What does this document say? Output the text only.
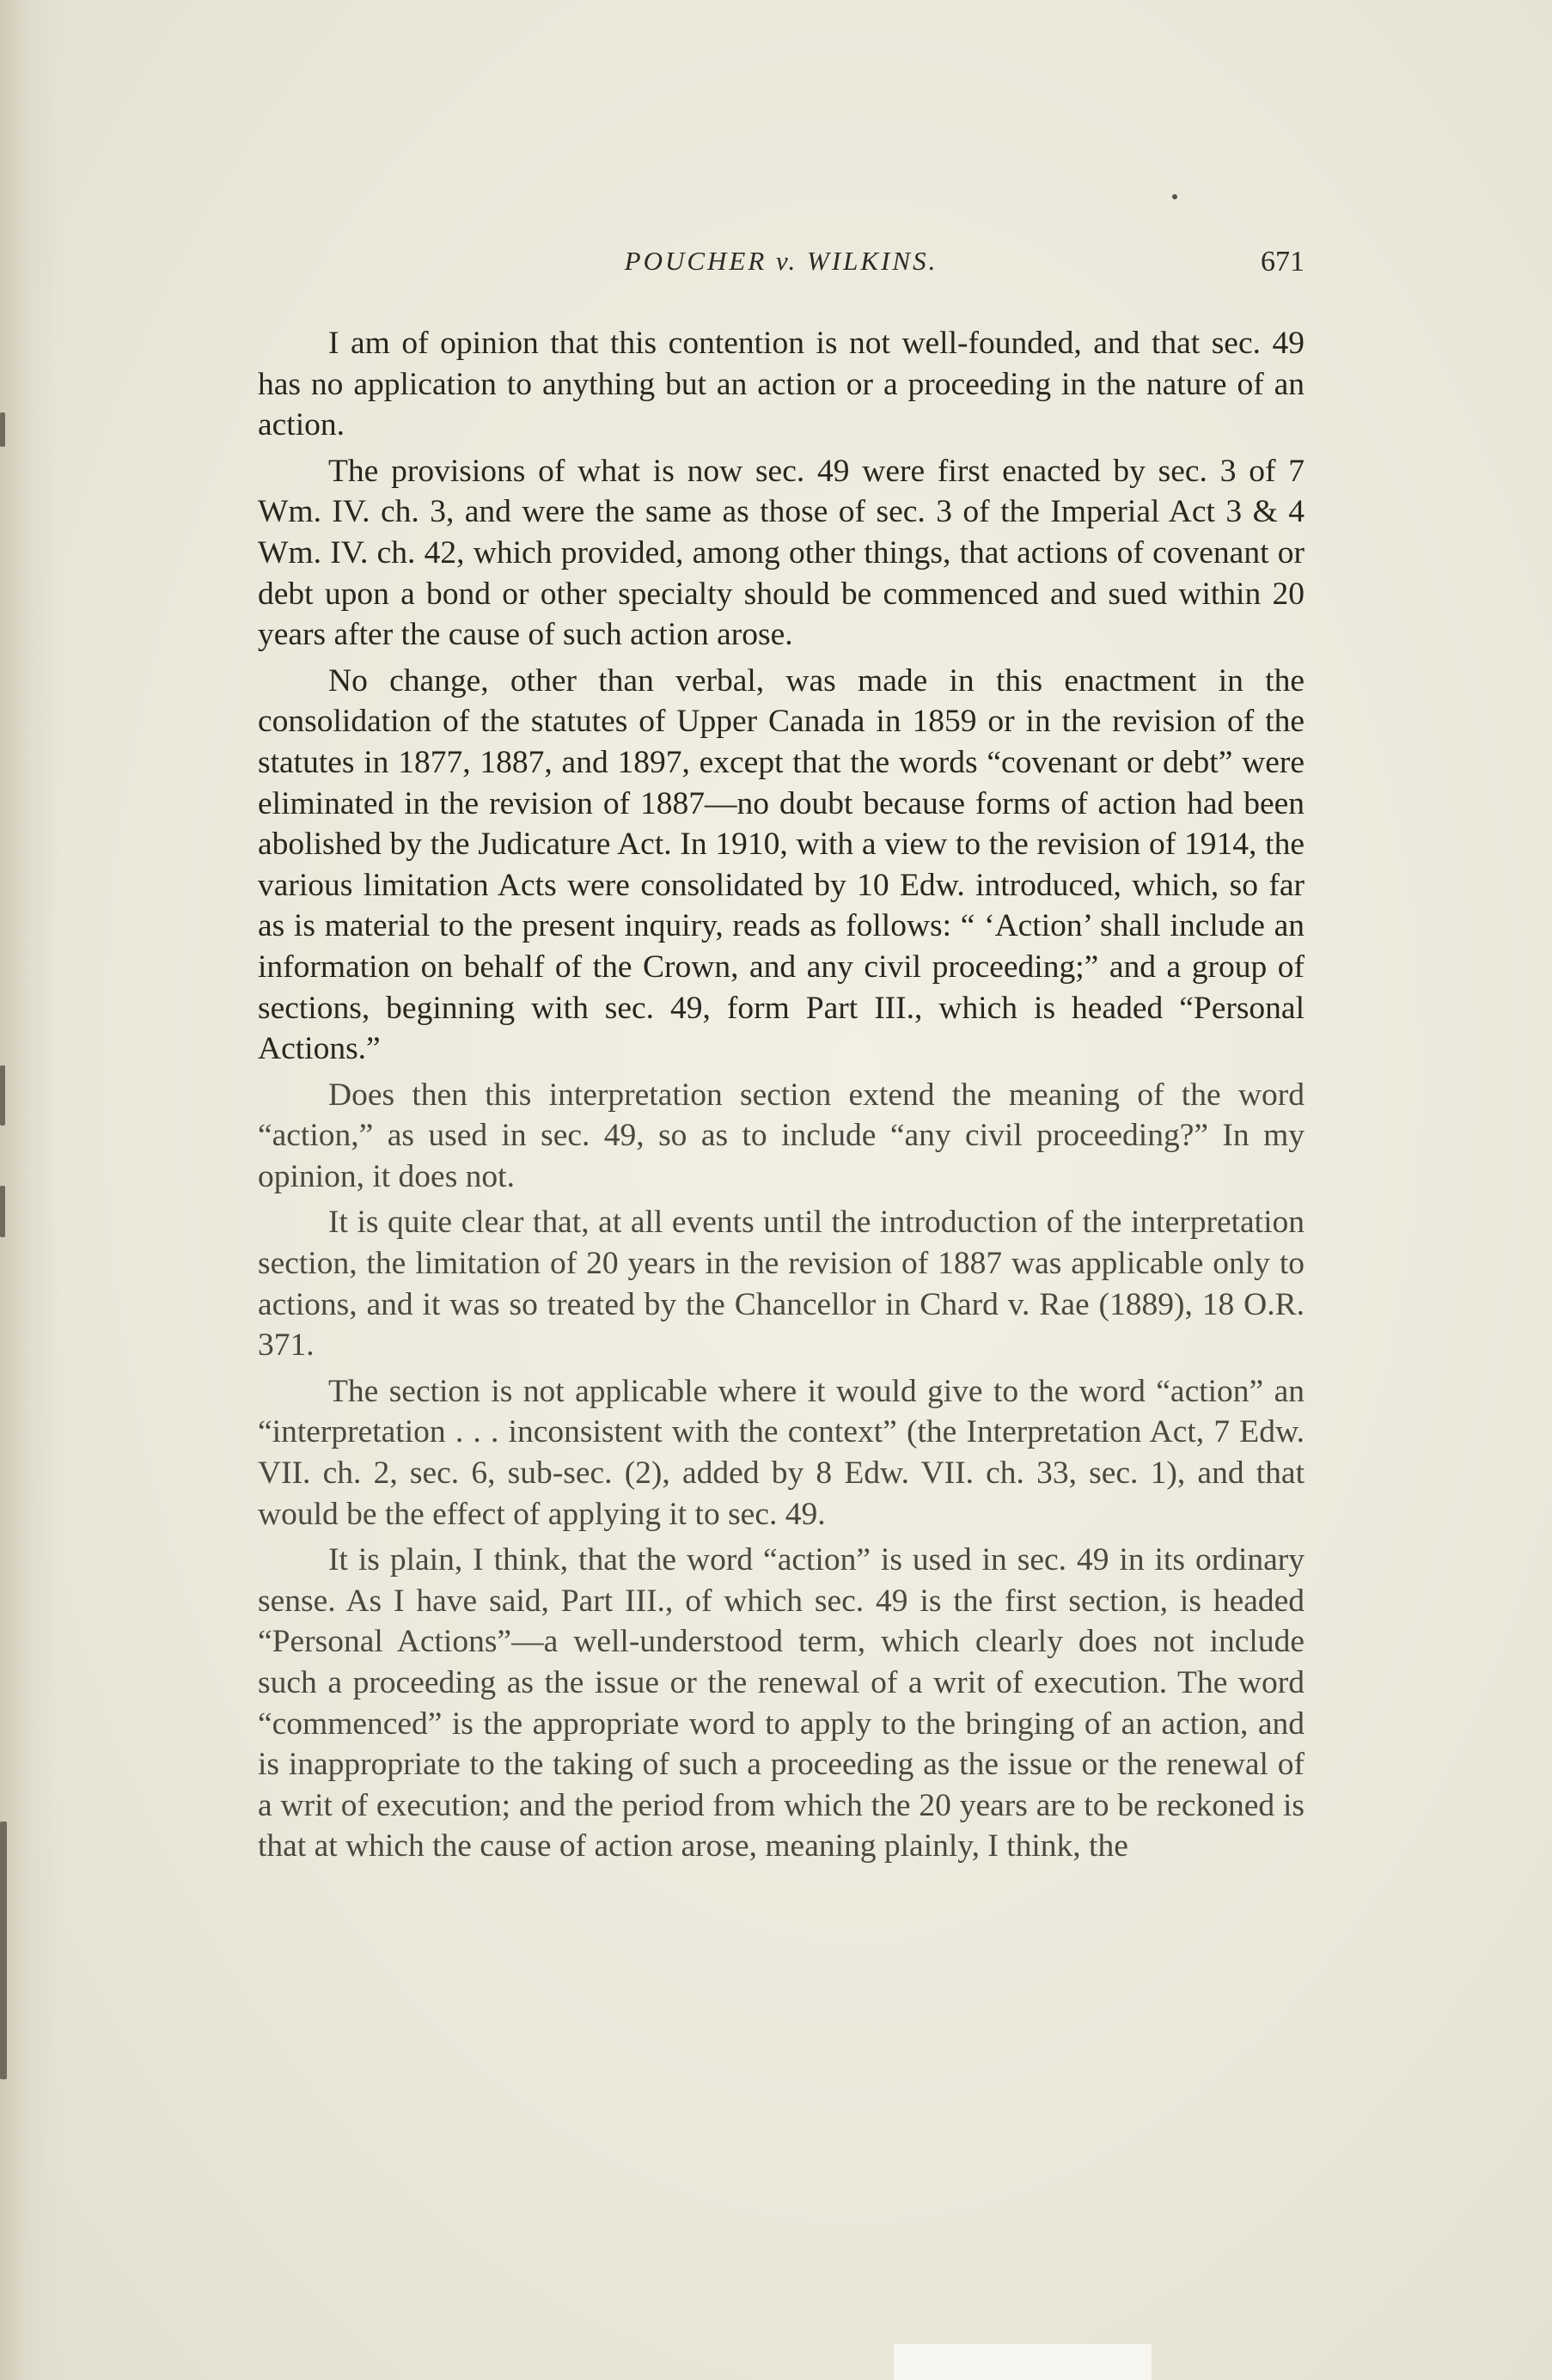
POUCHER v. WILKINS.	671

I am of opinion that this contention is not well-founded, and that sec. 49 has no application to anything but an action or a proceeding in the nature of an action.

The provisions of what is now sec. 49 were first enacted by sec. 3 of 7 Wm. IV. ch. 3, and were the same as those of sec. 3 of the Imperial Act 3 & 4 Wm. IV. ch. 42, which provided, among other things, that actions of covenant or debt upon a bond or other specialty should be commenced and sued within 20 years after the cause of such action arose.

No change, other than verbal, was made in this enactment in the consolidation of the statutes of Upper Canada in 1859 or in the revision of the statutes in 1877, 1887, and 1897, except that the words “covenant or debt” were eliminated in the revision of 1887—no doubt because forms of action had been abolished by the Judicature Act. In 1910, with a view to the revision of 1914, the various limitation Acts were consolidated by 10 Edw. introduced, which, so far as is material to the present inquiry, reads as follows: “ ‘Action’ shall include an information on behalf of the Crown, and any civil proceeding;” and a group of sections, beginning with sec. 49, form Part III., which is headed “Personal Actions.”

Does then this interpretation section extend the meaning of the word “action,” as used in sec. 49, so as to include “any civil proceeding?” In my opinion, it does not.

It is quite clear that, at all events until the introduction of the interpretation section, the limitation of 20 years in the revision of 1887 was applicable only to actions, and it was so treated by the Chancellor in Chard v. Rae (1889), 18 O.R. 371.

The section is not applicable where it would give to the word “action” an “interpretation . . . inconsistent with the context” (the Interpretation Act, 7 Edw. VII. ch. 2, sec. 6, sub-sec. (2), added by 8 Edw. VII. ch. 33, sec. 1), and that would be the effect of applying it to sec. 49.

It is plain, I think, that the word “action” is used in sec. 49 in its ordinary sense. As I have said, Part III., of which sec. 49 is the first section, is headed “Personal Actions”—a well-understood term, which clearly does not include such a proceeding as the issue or the renewal of a writ of execution. The word “commenced” is the appropriate word to apply to the bringing of an action, and is inappropriate to the taking of such a proceeding as the issue or the renewal of a writ of execution; and the period from which the 20 years are to be reckoned is that at which the cause of action arose, meaning plainly, I think, the
